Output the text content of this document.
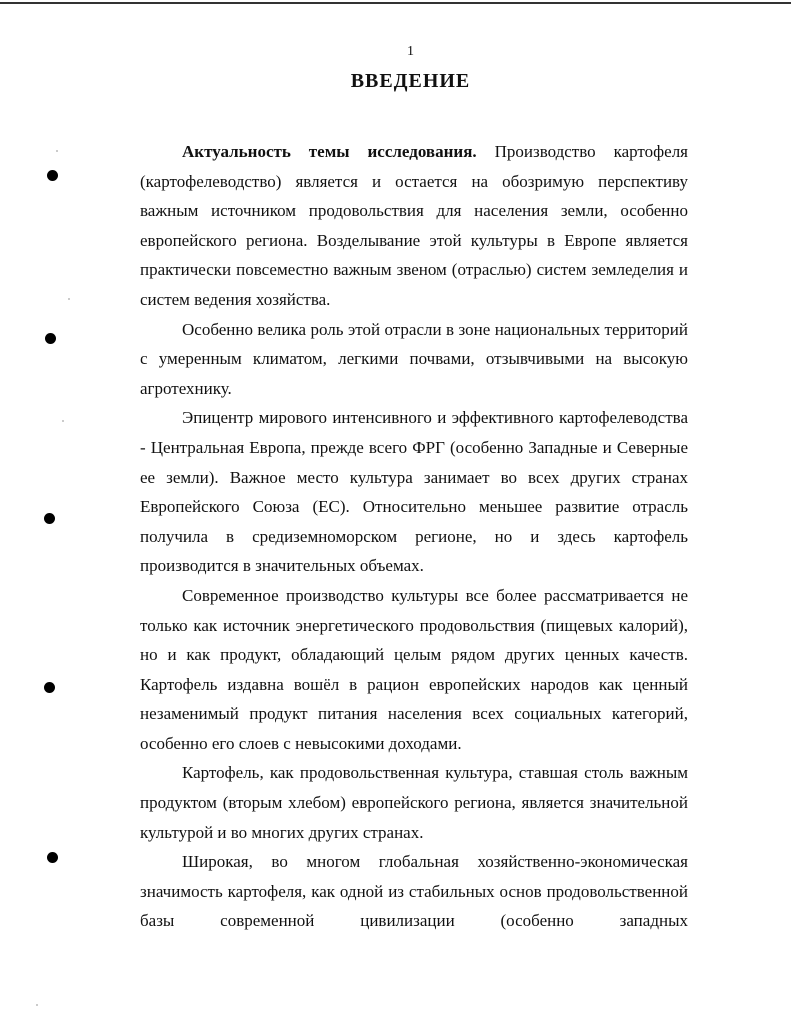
1
ВВЕДЕНИЕ

Актуальность темы исследования. Производство картофеля (картофелеводство) является и остается на обозримую перспективу важным источником продовольствия для населения земли, особенно европейского региона. Возделывание этой культуры в Европе является практически повсеместно важным звеном (отраслью) систем земледелия и систем ведения хозяйства.

Особенно велика роль этой отрасли в зоне национальных территорий с умеренным климатом, легкими почвами, отзывчивыми на высокую агротехнику.

Эпицентр мирового интенсивного и эффективного картофелеводства - Центральная Европа, прежде всего ФРГ (особенно Западные и Северные ее земли). Важное место культура занимает во всех других странах Европейского Союза (ЕС). Относительно меньшее развитие отрасль получила в средиземноморском регионе, но и здесь картофель производится в значительных объемах.

Современное производство культуры все более рассматривается не только как источник энергетического продовольствия (пищевых калорий), но и как продукт, обладающий целым рядом других ценных качеств. Картофель издавна вошёл в рацион европейских народов как ценный незаменимый продукт питания населения всех социальных категорий, особенно его слоев с невысокими доходами.

Картофель, как продовольственная культура, ставшая столь важным продуктом (вторым хлебом) европейского региона, является значительной культурой и во многих других странах.

Широкая, во многом глобальная хозяйственно-экономическая значимость картофеля, как одной из стабильных основ продовольственной базы современной цивилизации (особенно западных
